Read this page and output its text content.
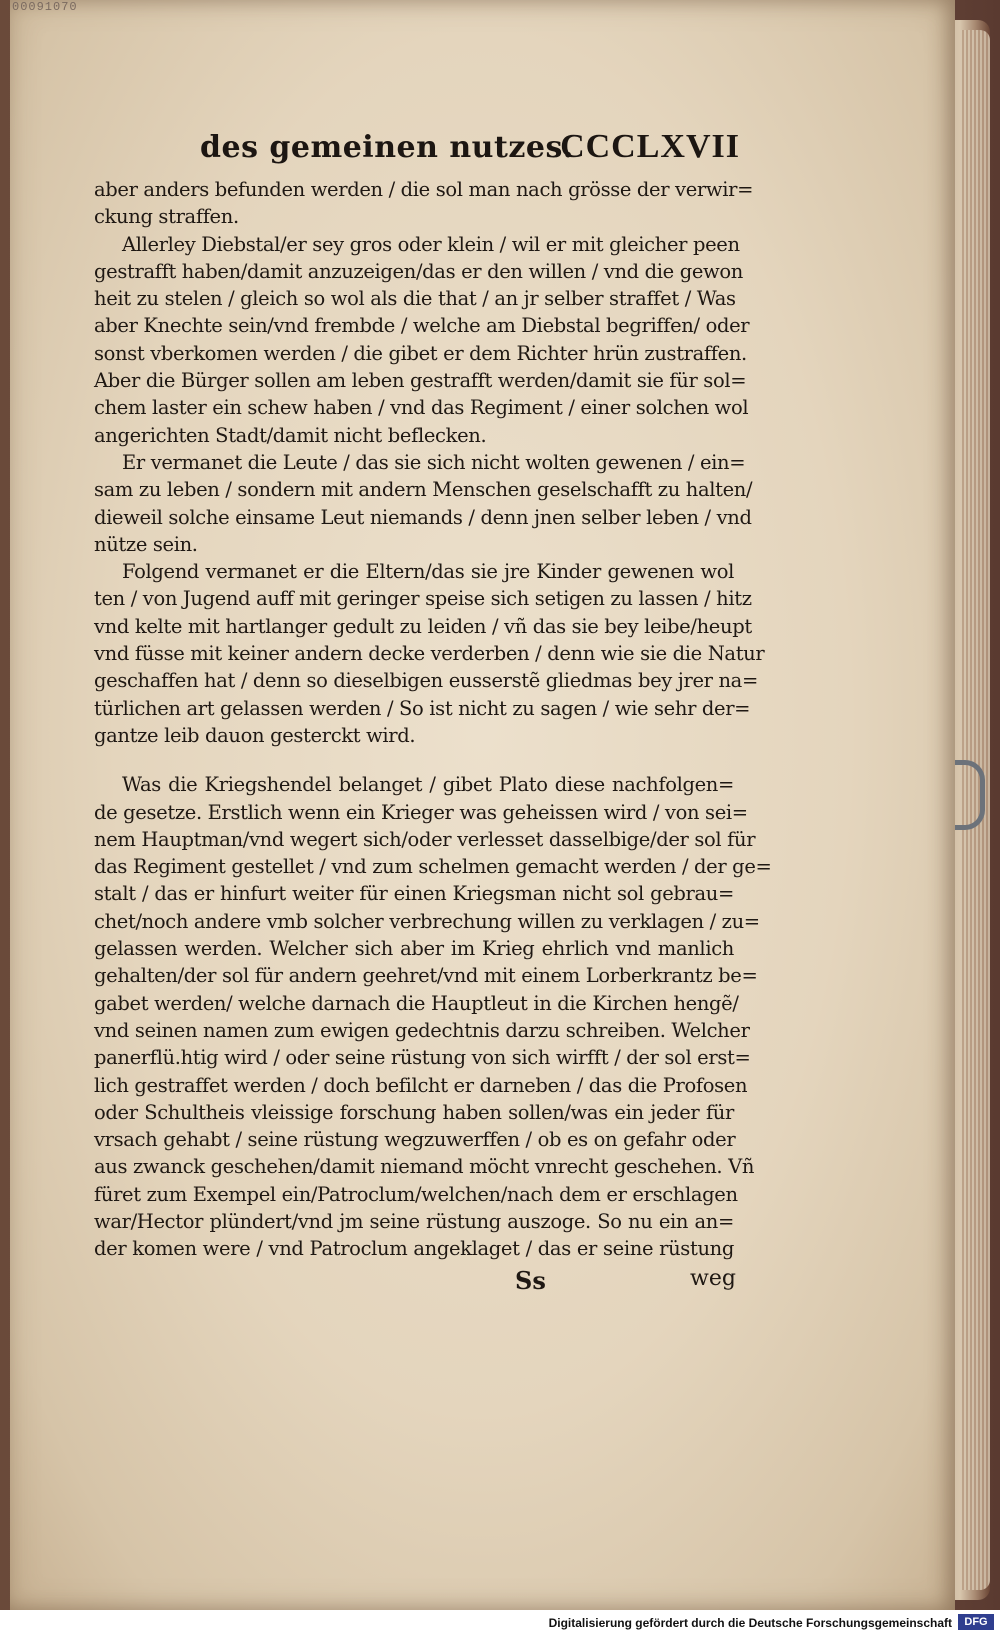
00091070
des gemeinen nutzes.
CCCLXVII
aber anders befunden werden / die sol man nach grösse der verwir=
ckung straffen.
Allerley Diebstal/er sey gros oder klein / wil er mit gleicher peen
gestrafft haben/damit anzuzeigen/das er den willen / vnd die gewon
heit zu stelen / gleich so wol als die that / an jr selber straffet / Was
aber Knechte sein/vnd frembde / welche am Diebstal begriffen/ oder
sonst vberkomen werden / die gibet er dem Richter hrün zustraffen.
Aber die Bürger sollen am leben gestrafft werden/damit sie für sol=
chem laster ein schew haben / vnd das Regiment / einer solchen wol
angerichten Stadt/damit nicht beflecken.
Er vermanet die Leute / das sie sich nicht wolten gewenen / ein=
sam zu leben / sondern mit andern Menschen geselschafft zu halten/
dieweil solche einsame Leut niemands / denn jnen selber leben / vnd
nütze sein.
Folgend vermanet er die Eltern/das sie jre Kinder gewenen wol
ten / von Jugend auff mit geringer speise sich setigen zu lassen / hitz
vnd kelte mit hartlanger gedult zu leiden / vñ das sie bey leibe/heupt
vnd füsse mit keiner andern decke verderben / denn wie sie die Natur
geschaffen hat / denn so dieselbigen eusserstẽ gliedmas bey jrer na=
türlichen art gelassen werden / So ist nicht zu sagen / wie sehr der=
gantze leib dauon gesterckt wird.
Was die Kriegshendel belanget / gibet Plato diese nachfolgen=
de gesetze. Erstlich wenn ein Krieger was geheissen wird / von sei=
nem Hauptman/vnd wegert sich/oder verlesset dasselbige/der sol für
das Regiment gestellet / vnd zum schelmen gemacht werden / der ge=
stalt / das er hinfurt weiter für einen Kriegsman nicht sol gebrau=
chet/noch andere vmb solcher verbrechung willen zu verklagen / zu=
gelassen werden. Welcher sich aber im Krieg ehrlich vnd manlich
gehalten/der sol für andern geehret/vnd mit einem Lorberkrantz be=
gabet werden/ welche darnach die Hauptleut in die Kirchen hengẽ/
vnd seinen namen zum ewigen gedechtnis darzu schreiben. Welcher
panerflü.htig wird / oder seine rüstung von sich wirfft / der sol erst=
lich gestraffet werden / doch befilcht er darneben / das die Profosen
oder Schultheis vleissige forschung haben sollen/was ein jeder für
vrsach gehabt / seine rüstung wegzuwerffen / ob es on gefahr oder
aus zwanck geschehen/damit niemand möcht vnrecht geschehen. Vñ
füret zum Exempel ein/Patroclum/welchen/nach dem er erschlagen
war/Hector plündert/vnd jm seine rüstung auszoge. So nu ein an=
der komen were / vnd Patroclum angeklaget / das er seine rüstung
Ss	weg
Digitalisierung gefördert durch die Deutsche Forschungsgemeinschaft	DFG
